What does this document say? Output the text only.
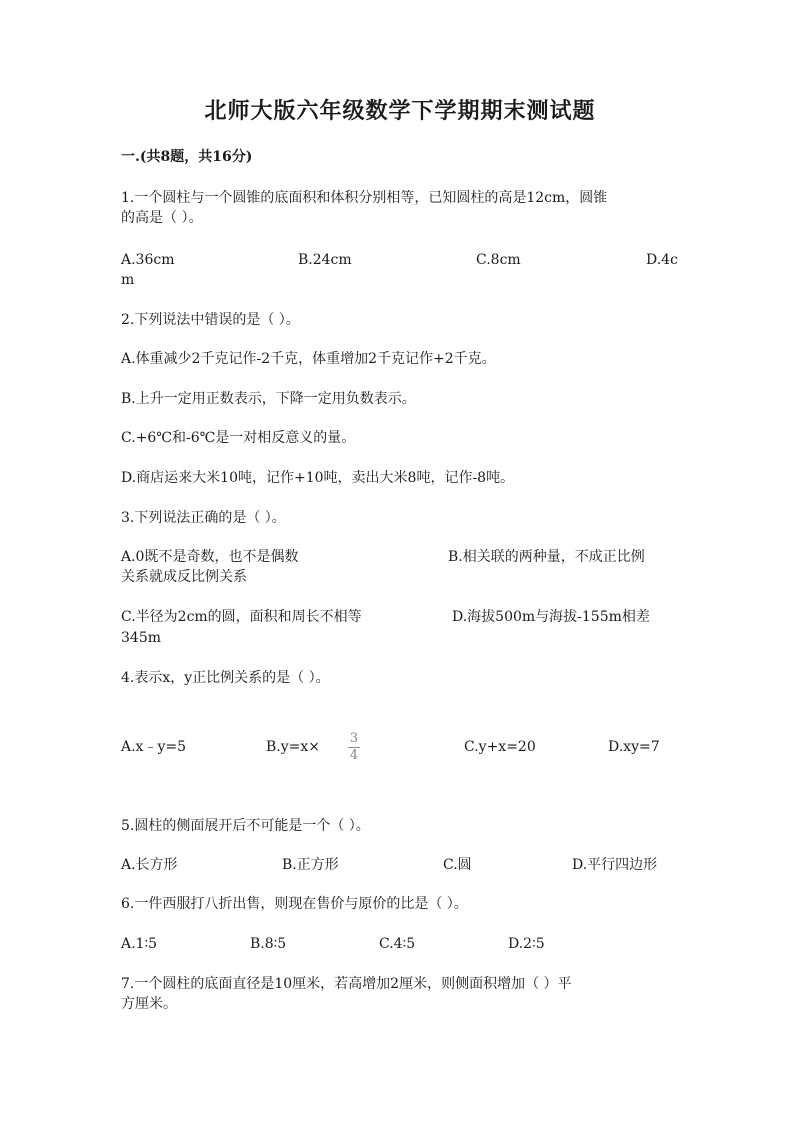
北师大版六年级数学下学期期末测试题
一.(共8题，共16分)
1.一个圆柱与一个圆锥的底面积和体积分别相等，已知圆柱的高是12cm，圆锥
的高是（ ）。
A.36cm	B.24cm	C.8cm	D.4c
m
2.下列说法中错误的是（ ）。
A.体重减少2千克记作-2千克，体重增加2千克记作+2千克。
B.上升一定用正数表示，下降一定用负数表示。
C.+6℃和-6℃是一对相反意义的量。
D.商店运来大米10吨，记作+10吨，卖出大米8吨，记作-8吨。
3.下列说法正确的是（ ）。
A.0既不是奇数，也不是偶数	B.相关联的两种量，不成正比例
关系就成反比例关系
C.半径为2cm的圆，面积和周长不相等	D.海拔500m与海拔-155m相差
345m
4.表示x，y正比例关系的是（ ）。
A.x﹣y=5	B.y=x×
3
4
C.y+x=20	D.xy=7
5.圆柱的侧面展开后不可能是一个（ ）。
A.长方形	B.正方形	C.圆	D.平行四边形
6.一件西服打八折出售，则现在售价与原价的比是（ ）。
A.1∶5	B.8∶5	C.4∶5	D.2∶5
7.一个圆柱的底面直径是10厘米，若高增加2厘米，则侧面积增加（ ）平
方厘米。
